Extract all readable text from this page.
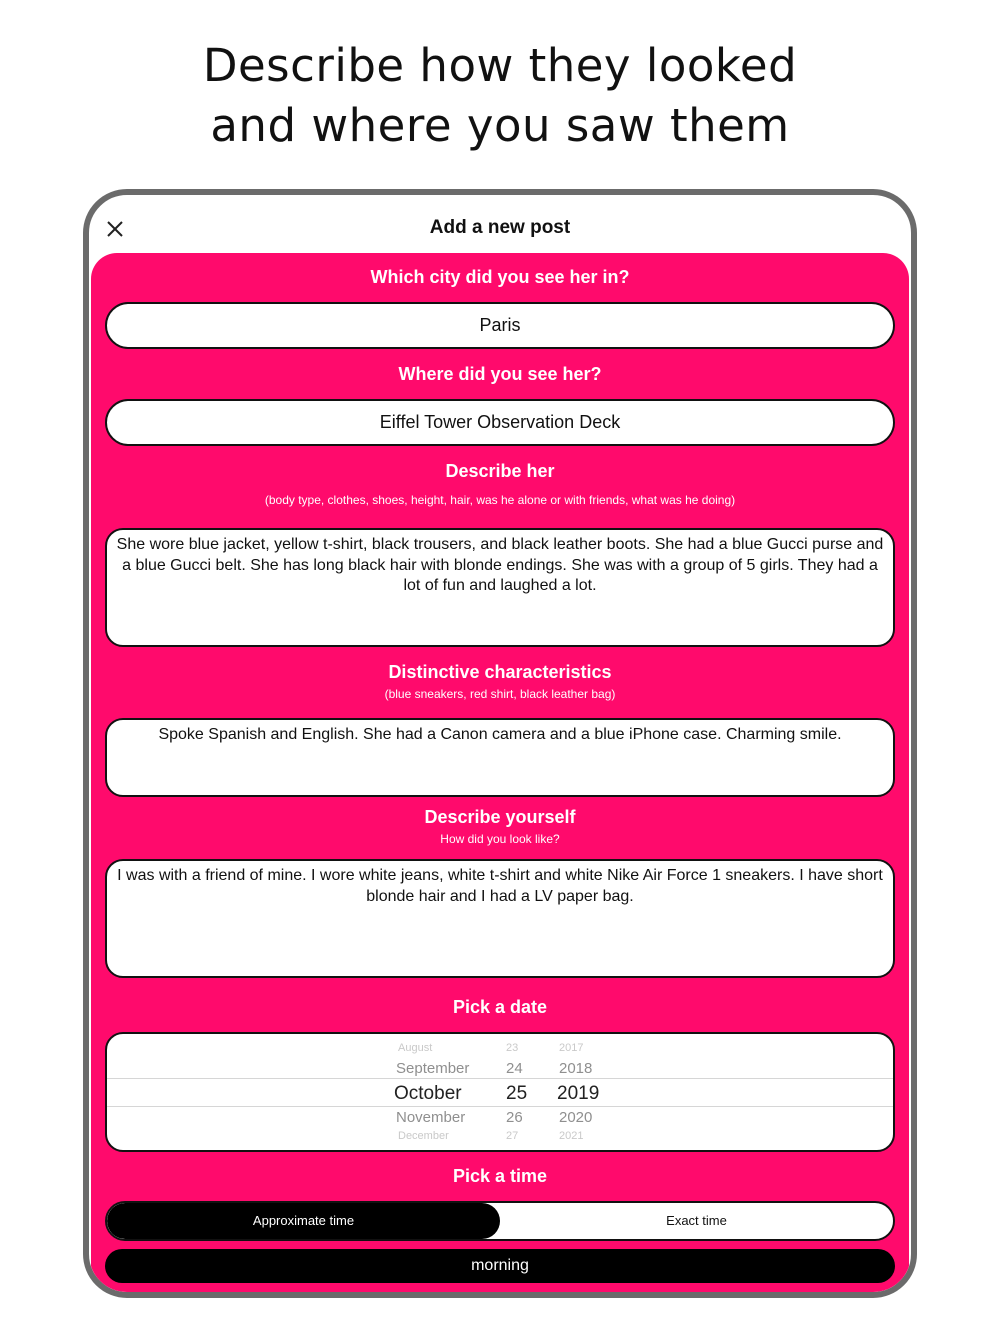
Describe how they looked
and where you saw them
Add a new post
Which city did you see her in?
Paris
Where did you see her?
Eiffel Tower Observation Deck
Describe her
(body type, clothes, shoes, height, hair, was he alone or with friends, what was he doing)
She wore blue jacket, yellow t-shirt, black trousers, and black leather boots. She had a blue Gucci purse and a blue Gucci belt. She has long black hair with blonde endings. She was with a group of 5 girls. They had a lot of fun and laughed a lot.
Distinctive characteristics
(blue sneakers, red shirt, black leather bag)
Spoke Spanish and English. She had a Canon camera and a blue iPhone case. Charming smile.
Describe yourself
How did you look like?
I was with a friend of mine. I wore white jeans, white t-shirt and white Nike Air Force 1 sneakers. I have short blonde hair and I had a LV paper bag.
Pick a date
August
September
October
November
December
23
24
25
26
27
2017
2018
2019
2020
2021
Pick a time
Exact time
Approximate time
morning
